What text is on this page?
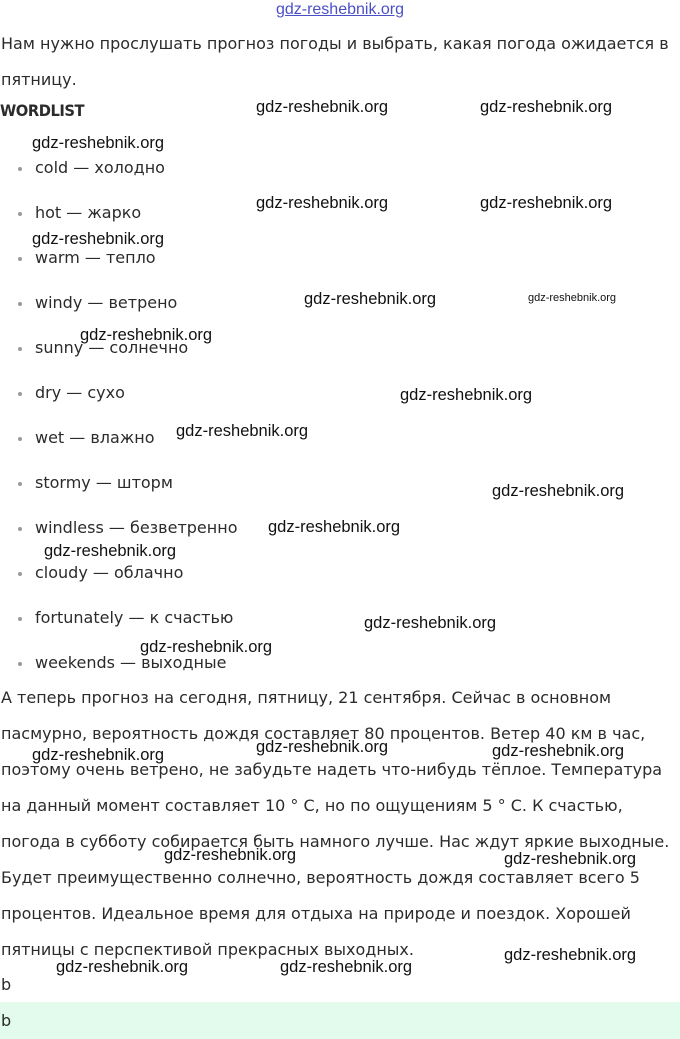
gdz-reshebnik.org

Нам нужно прослушать прогноз погоды и выбрать, какая погода ожидается в пятницу.

WORDLIST
cold — холодно
hot — жарко
warm — тепло
windy — ветрено
sunny — солнечно
dry — сухо
wet — влажно
stormy — шторм
windless — безветренно
cloudy — облачно
fortunately — к счастью
weekends — выходные

А теперь прогноз на сегодня, пятницу, 21 сентября. Сейчас в основном пасмурно, вероятность дождя составляет 80 процентов. Ветер 40 км в час, поэтому очень ветрено, не забудьте надеть что-нибудь тёплое. Температура на данный момент составляет 10 ° C, но по ощущениям 5 ° C. К счастью, погода в субботу собирается быть намного лучше. Нас ждут яркие выходные. Будет преимущественно солнечно, вероятность дождя составляет всего 5 процентов. Идеальное время для отдыха на природе и поездок. Хорошей пятницы с перспективой прекрасных выходных.

b
b
gdz-reshebnik.org	gdz-reshebnik.org
gdz-reshebnik.org
gdz-reshebnik.org	gdz-reshebnik.org
gdz-reshebnik.org
gdz-reshebnik.org	gdz-reshebnik.org
gdz-reshebnik.org
gdz-reshebnik.org
gdz-reshebnik.org
gdz-reshebnik.org
gdz-reshebnik.org
gdz-reshebnik.org
gdz-reshebnik.org
gdz-reshebnik.org
gdz-reshebnik.org
gdz-reshebnik.org	gdz-reshebnik.org
gdz-reshebnik.org	gdz-reshebnik.org
gdz-reshebnik.org
gdz-reshebnik.org	gdz-reshebnik.org
